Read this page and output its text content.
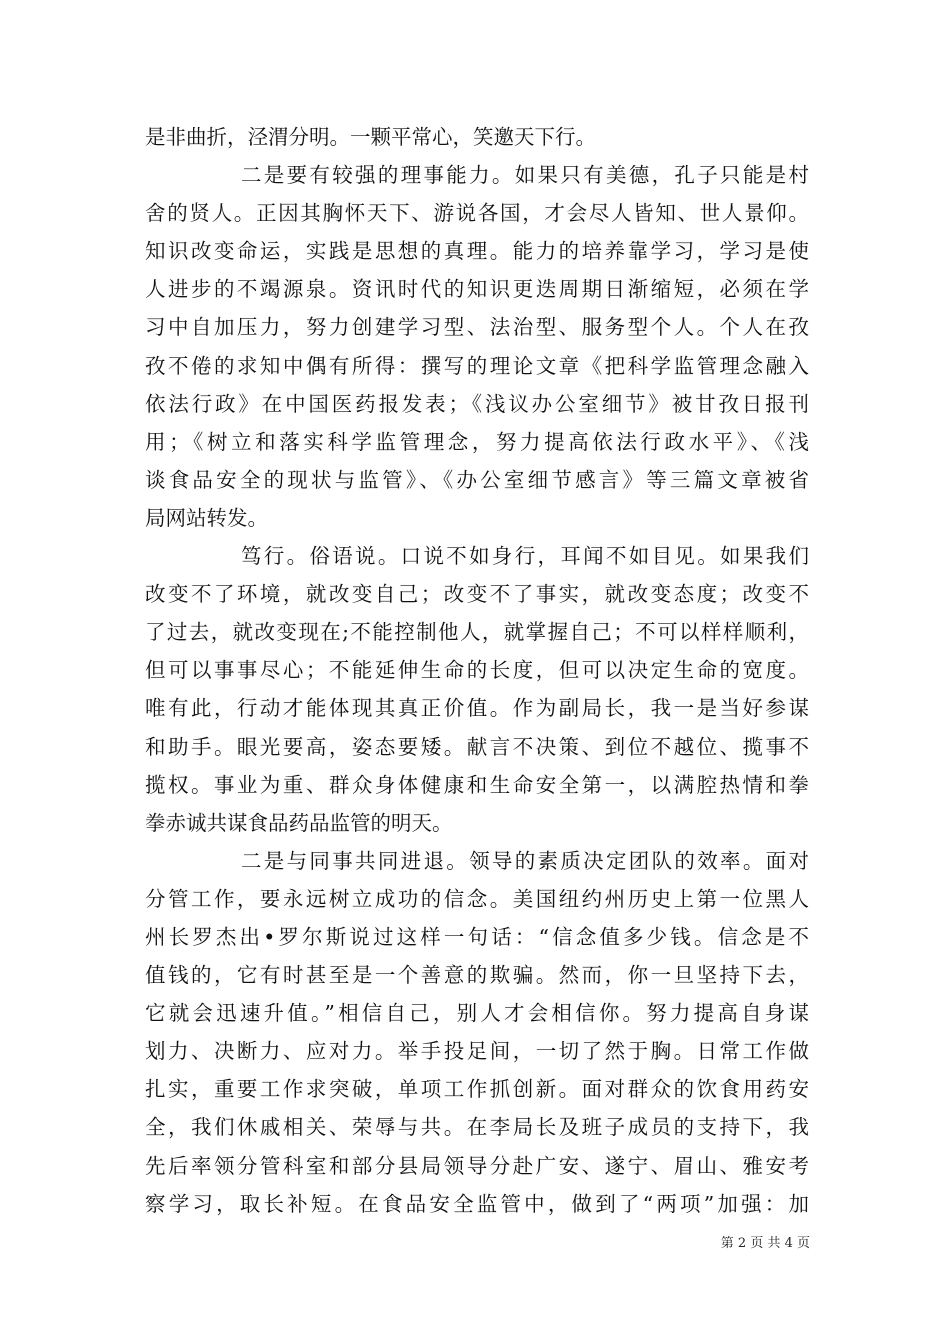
是非曲折，泾渭分明。一颗平常心，笑邀天下行。
二是要有较强的理事能力。如果只有美德，孔子只能是村
舍的贤人。正因其胸怀天下、游说各国，才会尽人皆知、世人景仰。
知识改变命运，实践是思想的真理。能力的培养靠学习，学习是使
人进步的不竭源泉。资讯时代的知识更迭周期日渐缩短，必须在学
习中自加压力，努力创建学习型、法治型、服务型个人。个人在孜
孜不倦的求知中偶有所得：撰写的理论文章《把科学监管理念融入
依法行政》在中国医药报发表；《浅议办公室细节》被甘孜日报刊
用；《树立和落实科学监管理念，努力提高依法行政水平》、《浅
谈食品安全的现状与监管》、《办公室细节感言》等三篇文章被省
局网站转发。
笃行。俗语说。口说不如身行，耳闻不如目见。如果我们
改变不了环境，就改变自己；改变不了事实，就改变态度；改变不
了过去，就改变现在;不能控制他人，就掌握自己；不可以样样顺利，
但可以事事尽心；不能延伸生命的长度，但可以决定生命的宽度。
唯有此，行动才能体现其真正价值。作为副局长，我一是当好参谋
和助手。眼光要高，姿态要矮。献言不决策、到位不越位、揽事不
揽权。事业为重、群众身体健康和生命安全第一，以满腔热情和拳
拳赤诚共谋食品药品监管的明天。
二是与同事共同进退。领导的素质决定团队的效率。面对
分管工作，要永远树立成功的信念。美国纽约州历史上第一位黑人
州长罗杰出•罗尔斯说过这样一句话：“信念值多少钱。信念是不
值钱的，它有时甚至是一个善意的欺骗。然而，你一旦坚持下去，
它就会迅速升值。”相信自己，别人才会相信你。努力提高自身谋
划力、决断力、应对力。举手投足间，一切了然于胸。日常工作做
扎实，重要工作求突破，单项工作抓创新。面对群众的饮食用药安
全，我们休戚相关、荣辱与共。在李局长及班子成员的支持下，我
先后率领分管科室和部分县局领导分赴广安、遂宁、眉山、雅安考
察学习，取长补短。在食品安全监管中，做到了“两项”加强：加
第 2 页 共 4 页
